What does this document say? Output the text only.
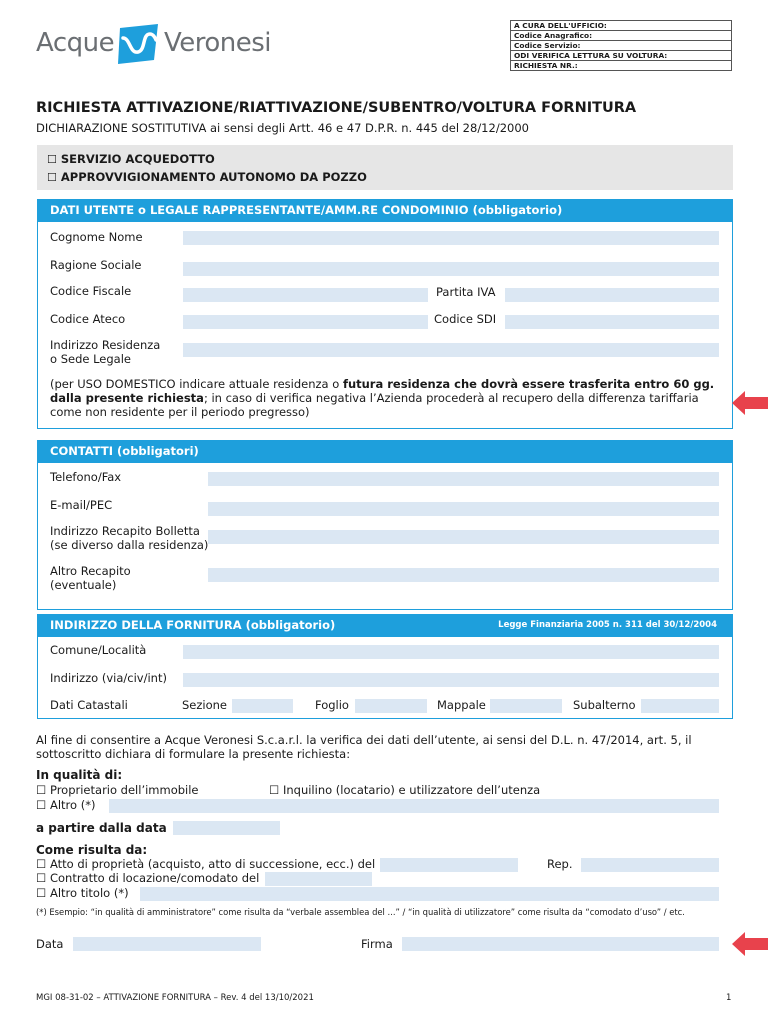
Acque Veronesi
A CURA DELL'UFFICIO:
Codice Anagrafico:
Codice Servizio:
ODI VERIFICA LETTURA SU VOLTURA:
RICHIESTA NR.:
RICHIESTA ATTIVAZIONE/RIATTIVAZIONE/SUBENTRO/VOLTURA FORNITURA
DICHIARAZIONE SOSTITUTIVA ai sensi degli Artt. 46 e 47 D.P.R. n. 445 del 28/12/2000
☐ SERVIZIO ACQUEDOTTO
☐ APPROVVIGIONAMENTO AUTONOMO DA POZZO
DATI UTENTE o LEGALE RAPPRESENTANTE/AMM.RE CONDOMINIO (obbligatorio)
Cognome Nome
Ragione Sociale
Codice Fiscale	Partita IVA
Codice Ateco	Codice SDI
Indirizzo Residenza
o Sede Legale
(per USO DOMESTICO indicare attuale residenza o futura residenza che dovrà essere trasferita entro 60 gg. dalla presente richiesta; in caso di verifica negativa l’Azienda procederà al recupero della differenza tariffaria come non residente per il periodo pregresso)
CONTATTI (obbligatori)
Telefono/Fax
E-mail/PEC
Indirizzo Recapito Bolletta
(se diverso dalla residenza)
Altro Recapito
(eventuale)
INDIRIZZO DELLA FORNITURA (obbligatorio)	Legge Finanziaria 2005 n. 311 del 30/12/2004
Comune/Località
Indirizzo (via/civ/int)
Dati Catastali	Sezione	Foglio	Mappale	Subalterno
Al fine di consentire a Acque Veronesi S.c.a.r.l. la verifica dei dati dell’utente, ai sensi del D.L. n. 47/2014, art. 5, il sottoscritto dichiara di formulare la presente richiesta:
In qualità di:
☐ Proprietario dell’immobile	☐ Inquilino (locatario) e utilizzatore dell’utenza
☐ Altro (*)
a partire dalla data
Come risulta da:
☐ Atto di proprietà (acquisto, atto di successione, ecc.) del	Rep.
☐ Contratto di locazione/comodato del
☐ Altro titolo (*)
(*) Esempio: “in qualità di amministratore” come risulta da “verbale assemblea del ...” / “in qualità di utilizzatore” come risulta da “comodato d’uso” / etc.
Data	Firma
MGI 08-31-02 – ATTIVAZIONE FORNITURA – Rev. 4 del 13/10/2021	1
